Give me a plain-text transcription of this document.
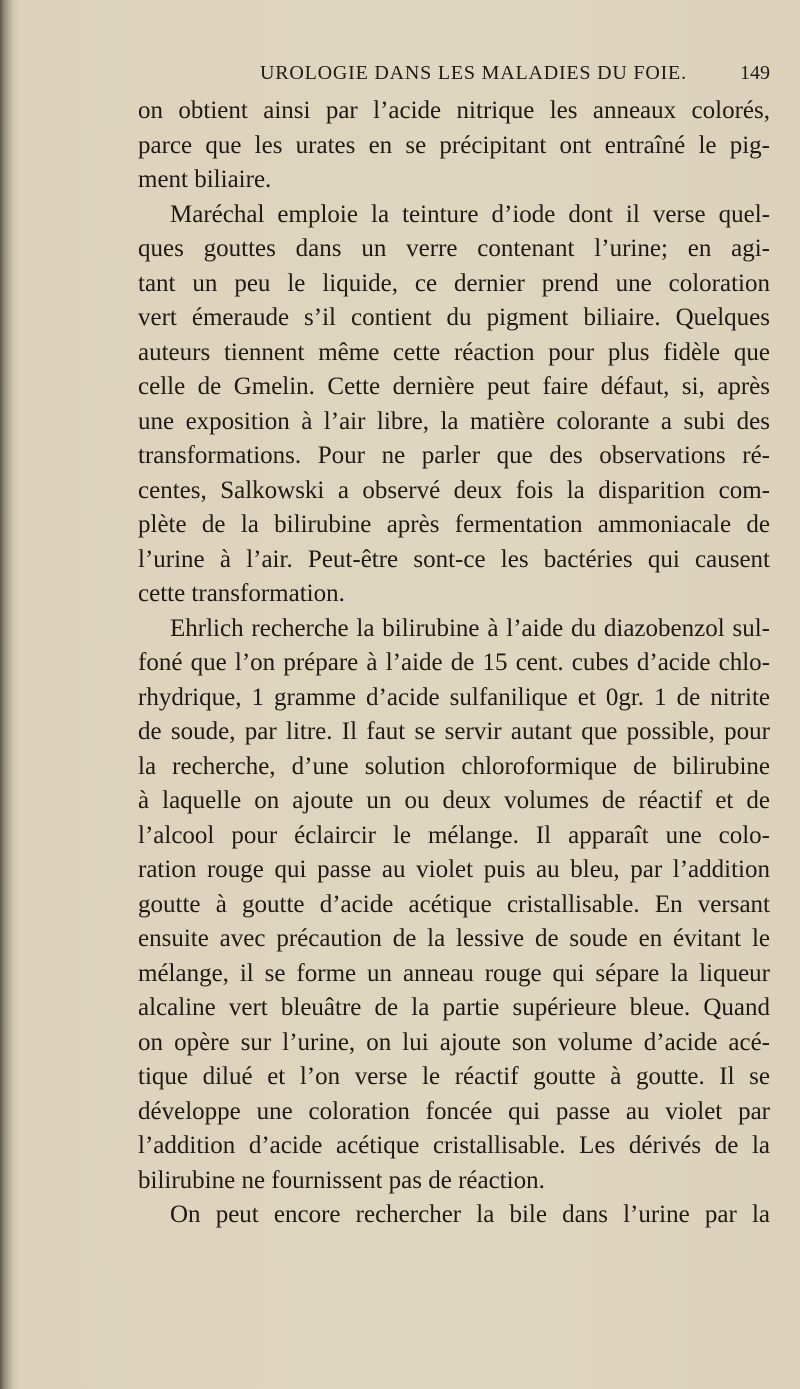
UROLOGIE DANS LES MALADIES DU FOIE.	149
on obtient ainsi par l’acide nitrique les anneaux colorés,
parce que les urates en se précipitant ont entraîné le pig-
ment biliaire.
Maréchal emploie la teinture d’iode dont il verse quel-
ques gouttes dans un verre contenant l’urine; en agi-
tant un peu le liquide, ce dernier prend une coloration
vert émeraude s’il contient du pigment biliaire. Quelques
auteurs tiennent même cette réaction pour plus fidèle que
celle de Gmelin. Cette dernière peut faire défaut, si, après
une exposition à l’air libre, la matière colorante a subi des
transformations. Pour ne parler que des observations ré-
centes, Salkowski a observé deux fois la disparition com-
plète de la bilirubine après fermentation ammoniacale de
l’urine à l’air. Peut-être sont-ce les bactéries qui causent
cette transformation.
Ehrlich recherche la bilirubine à l’aide du diazobenzol sul-
foné que l’on prépare à l’aide de 15 cent. cubes d’acide chlo-
rhydrique, 1 gramme d’acide sulfanilique et 0gr. 1 de nitrite
de soude, par litre. Il faut se servir autant que possible, pour
la recherche, d’une solution chloroformique de bilirubine
à laquelle on ajoute un ou deux volumes de réactif et de
l’alcool pour éclaircir le mélange. Il apparaît une colo-
ration rouge qui passe au violet puis au bleu, par l’addition
goutte à goutte d’acide acétique cristallisable. En versant
ensuite avec précaution de la lessive de soude en évitant le
mélange, il se forme un anneau rouge qui sépare la liqueur
alcaline vert bleuâtre de la partie supérieure bleue. Quand
on opère sur l’urine, on lui ajoute son volume d’acide acé-
tique dilué et l’on verse le réactif goutte à goutte. Il se
développe une coloration foncée qui passe au violet par
l’addition d’acide acétique cristallisable. Les dérivés de la
bilirubine ne fournissent pas de réaction.
On peut encore rechercher la bile dans l’urine par la
